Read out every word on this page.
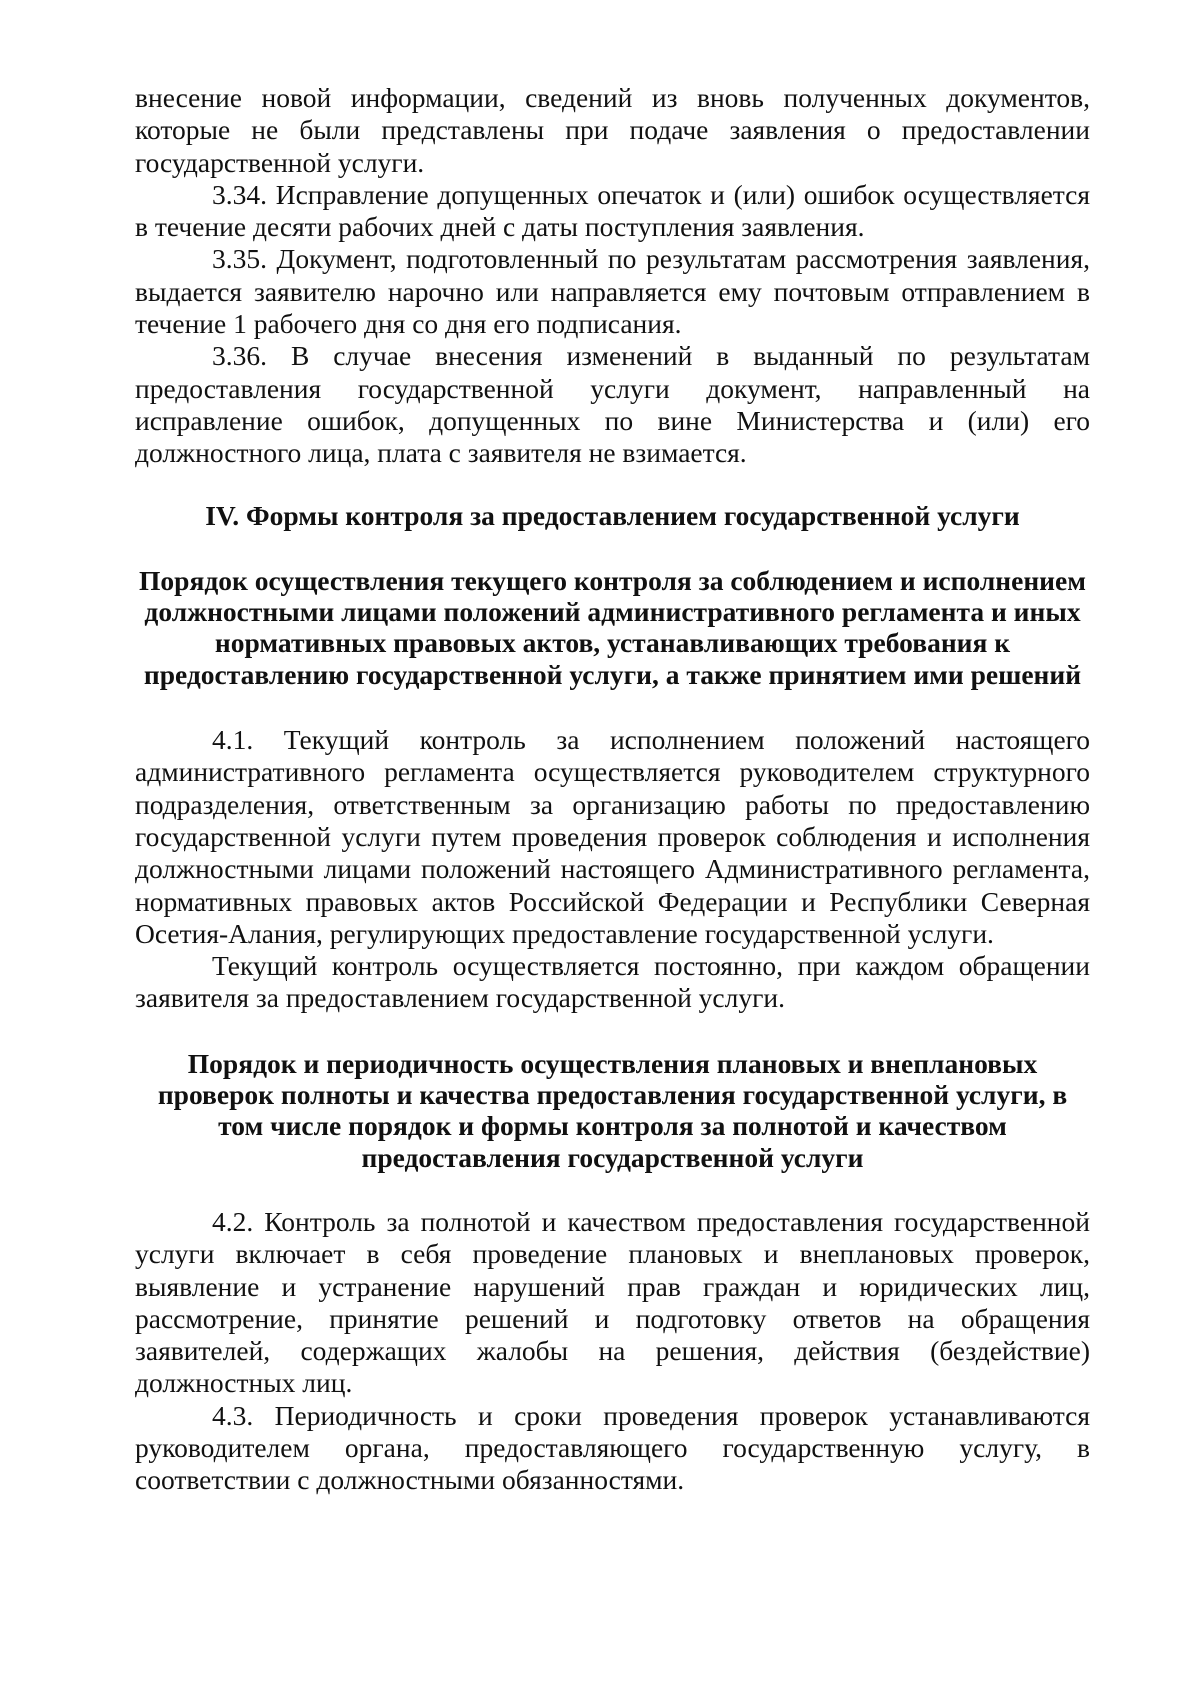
внесение новой информации, сведений из вновь полученных документов, которые не были представлены при подаче заявления о предоставлении государственной услуги.

3.34. Исправление допущенных опечаток и (или) ошибок осуществляется в течение десяти рабочих дней с даты поступления заявления.

3.35. Документ, подготовленный по результатам рассмотрения заявления, выдается заявителю нарочно или направляется ему почтовым отправлением в течение 1 рабочего дня со дня его подписания.

3.36. В случае внесения изменений в выданный по результатам предоставления государственной услуги документ, направленный на исправление ошибок, допущенных по вине Министерства и (или) его должностного лица, плата с заявителя не взимается.

IV. Формы контроля за предоставлением государственной услуги
Порядок осуществления текущего контроля за соблюдением и исполнением должностными лицами положений административного регламента и иных нормативных правовых актов, устанавливающих требования к предоставлению государственной услуги, а также принятием ими решений

4.1. Текущий контроль за исполнением положений настоящего административного регламента осуществляется руководителем структурного подразделения, ответственным за организацию работы по предоставлению государственной услуги путем проведения проверок соблюдения и исполнения должностными лицами положений настоящего Административного регламента, нормативных правовых актов Российской Федерации и Республики Северная Осетия-Алания, регулирующих предоставление государственной услуги.

Текущий контроль осуществляется постоянно, при каждом обращении заявителя за предоставлением государственной услуги.

Порядок и периодичность осуществления плановых и внеплановых проверок полноты и качества предоставления государственной услуги, в том числе порядок и формы контроля за полнотой и качеством предоставления государственной услуги

4.2. Контроль за полнотой и качеством предоставления государственной услуги включает в себя проведение плановых и внеплановых проверок, выявление и устранение нарушений прав граждан и юридических лиц, рассмотрение, принятие решений и подготовку ответов на обращения заявителей, содержащих жалобы на решения, действия (бездействие) должностных лиц.

4.3. Периодичность и сроки проведения проверок устанавливаются руководителем органа, предоставляющего государственную услугу, в соответствии с должностными обязанностями.
